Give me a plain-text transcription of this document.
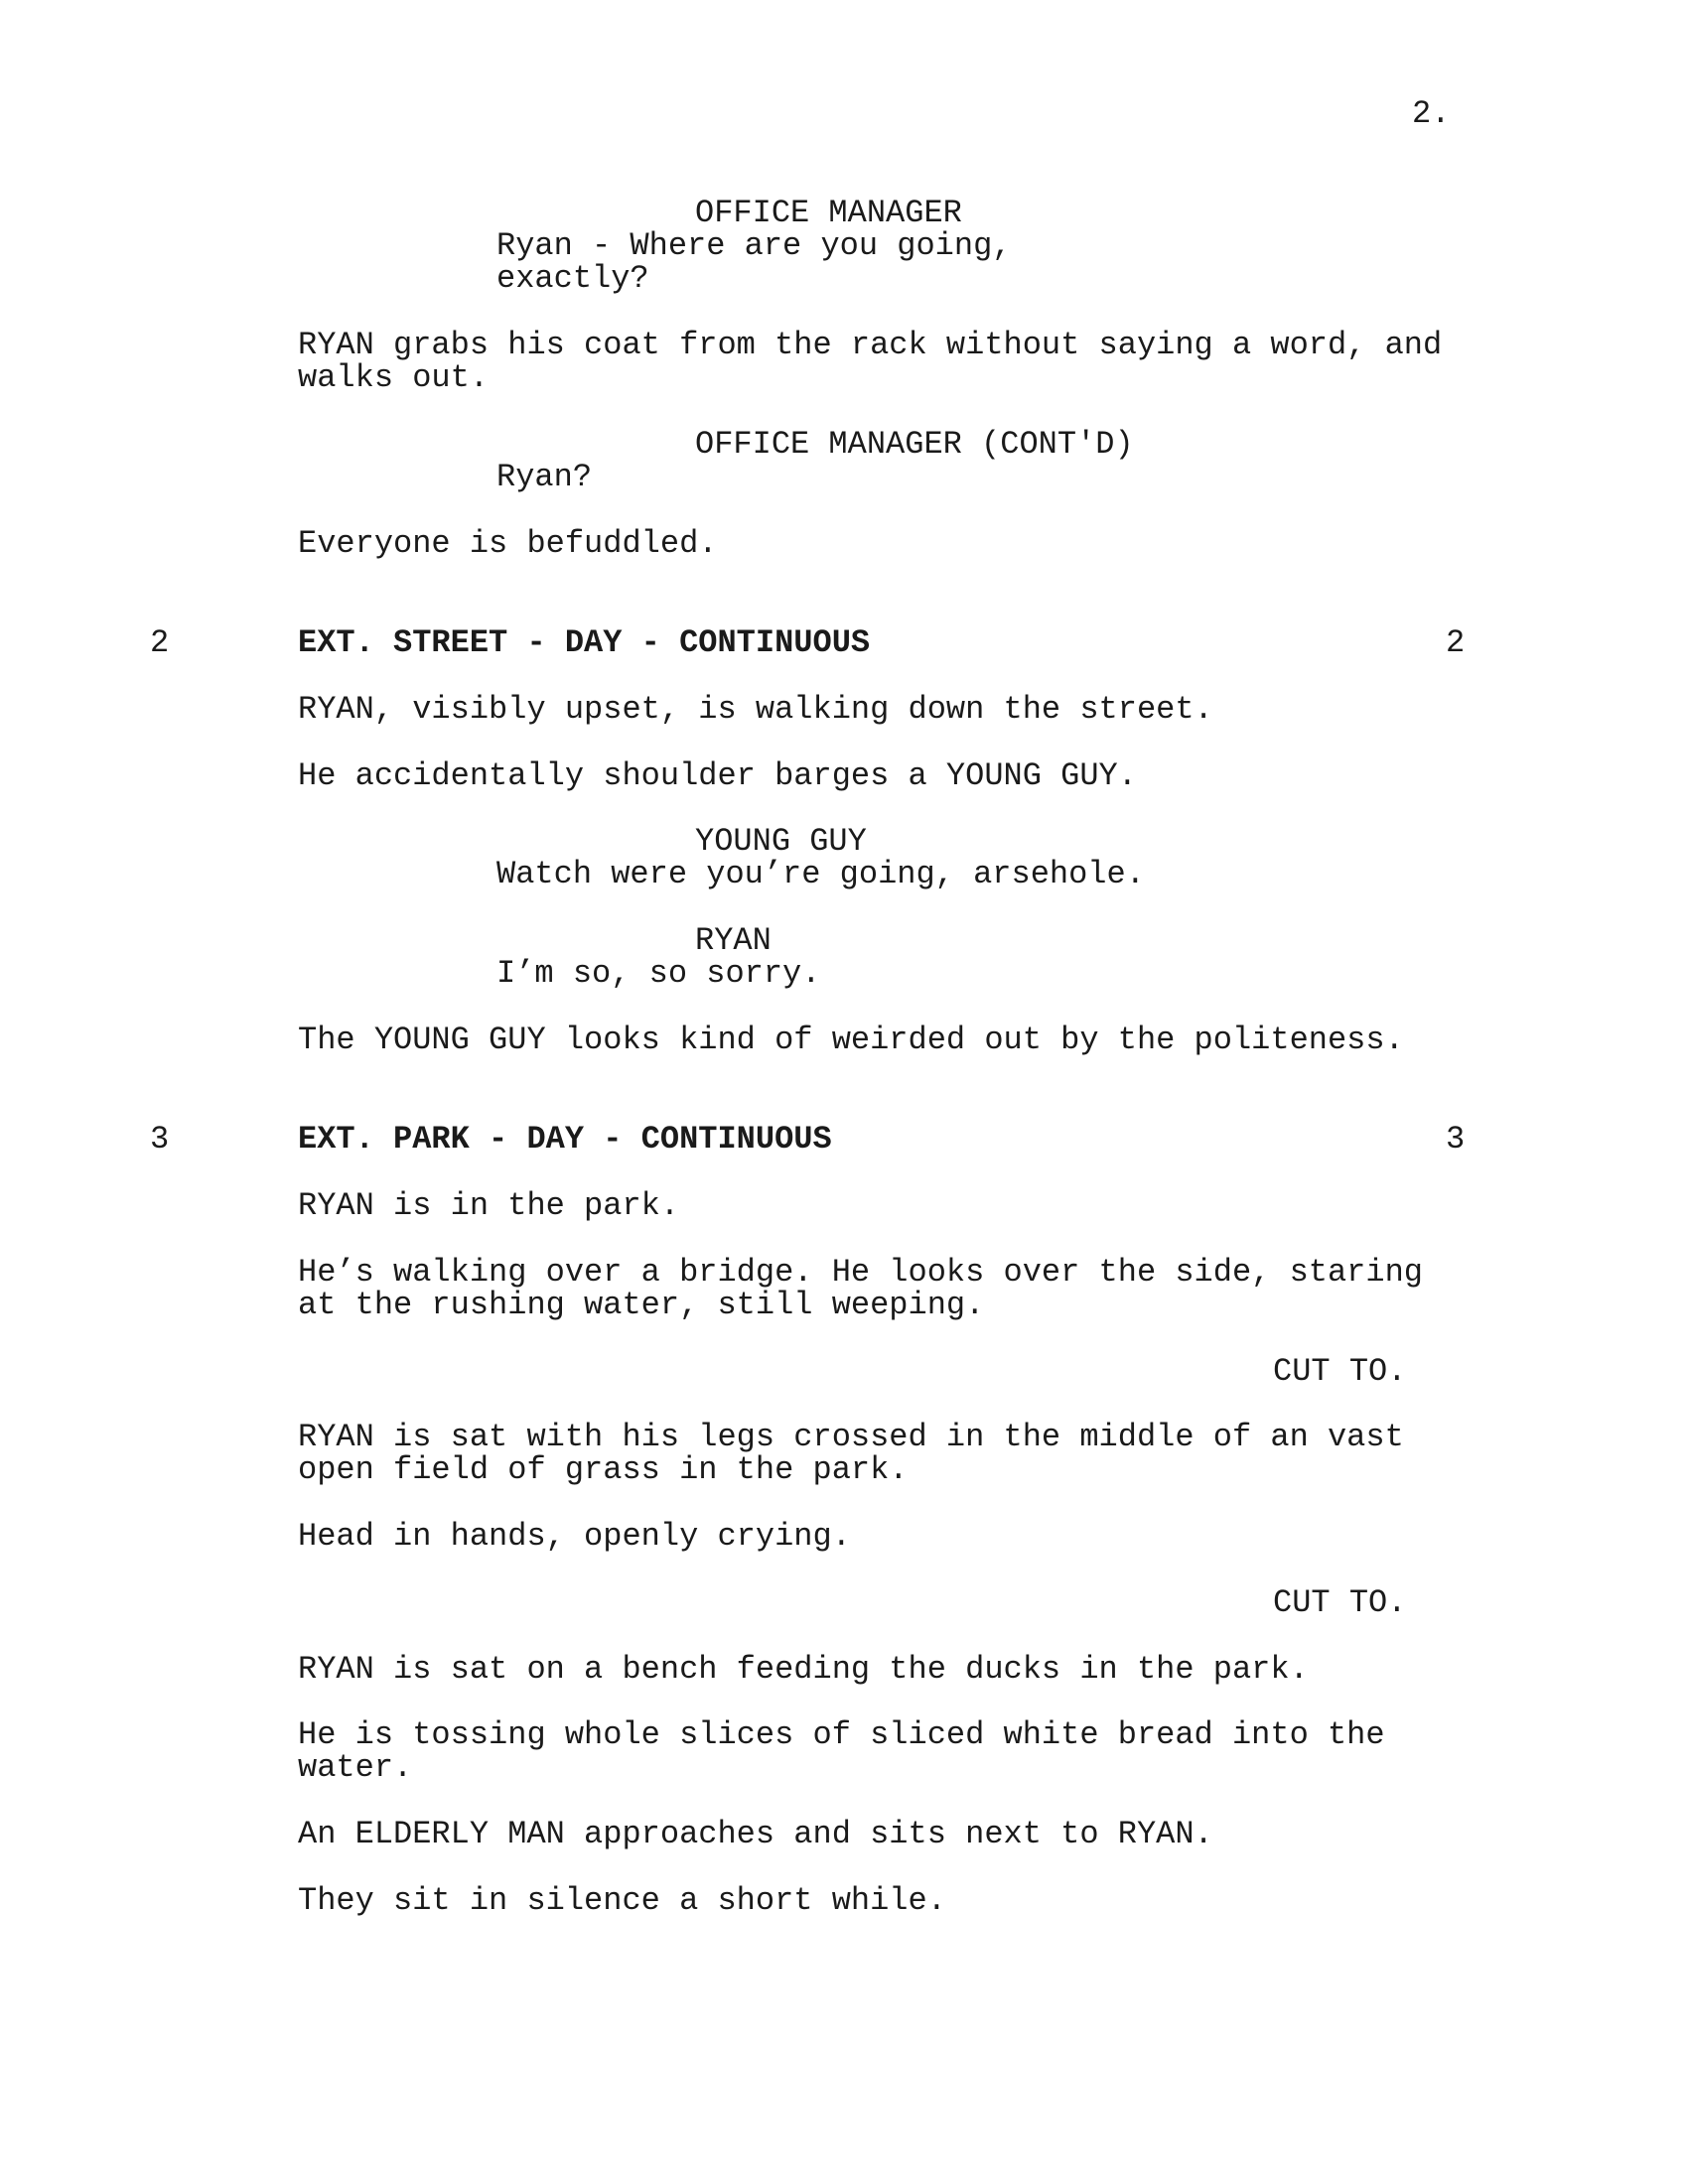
2.
OFFICE MANAGER
Ryan - Where are you going,
exactly?
RYAN grabs his coat from the rack without saying a word, and
walks out.
OFFICE MANAGER (CONT'D)
Ryan?
Everyone is befuddled.
2	EXT. STREET - DAY - CONTINUOUS	2
RYAN, visibly upset, is walking down the street.
He accidentally shoulder barges a YOUNG GUY.
YOUNG GUY
Watch were you’re going, arsehole.
RYAN
I’m so, so sorry.
The YOUNG GUY looks kind of weirded out by the politeness.
3	EXT. PARK - DAY - CONTINUOUS	3
RYAN is in the park.
He’s walking over a bridge. He looks over the side, staring
at the rushing water, still weeping.
CUT TO.
RYAN is sat with his legs crossed in the middle of an vast
open field of grass in the park.
Head in hands, openly crying.
CUT TO.
RYAN is sat on a bench feeding the ducks in the park.
He is tossing whole slices of sliced white bread into the
water.
An ELDERLY MAN approaches and sits next to RYAN.
They sit in silence a short while.
